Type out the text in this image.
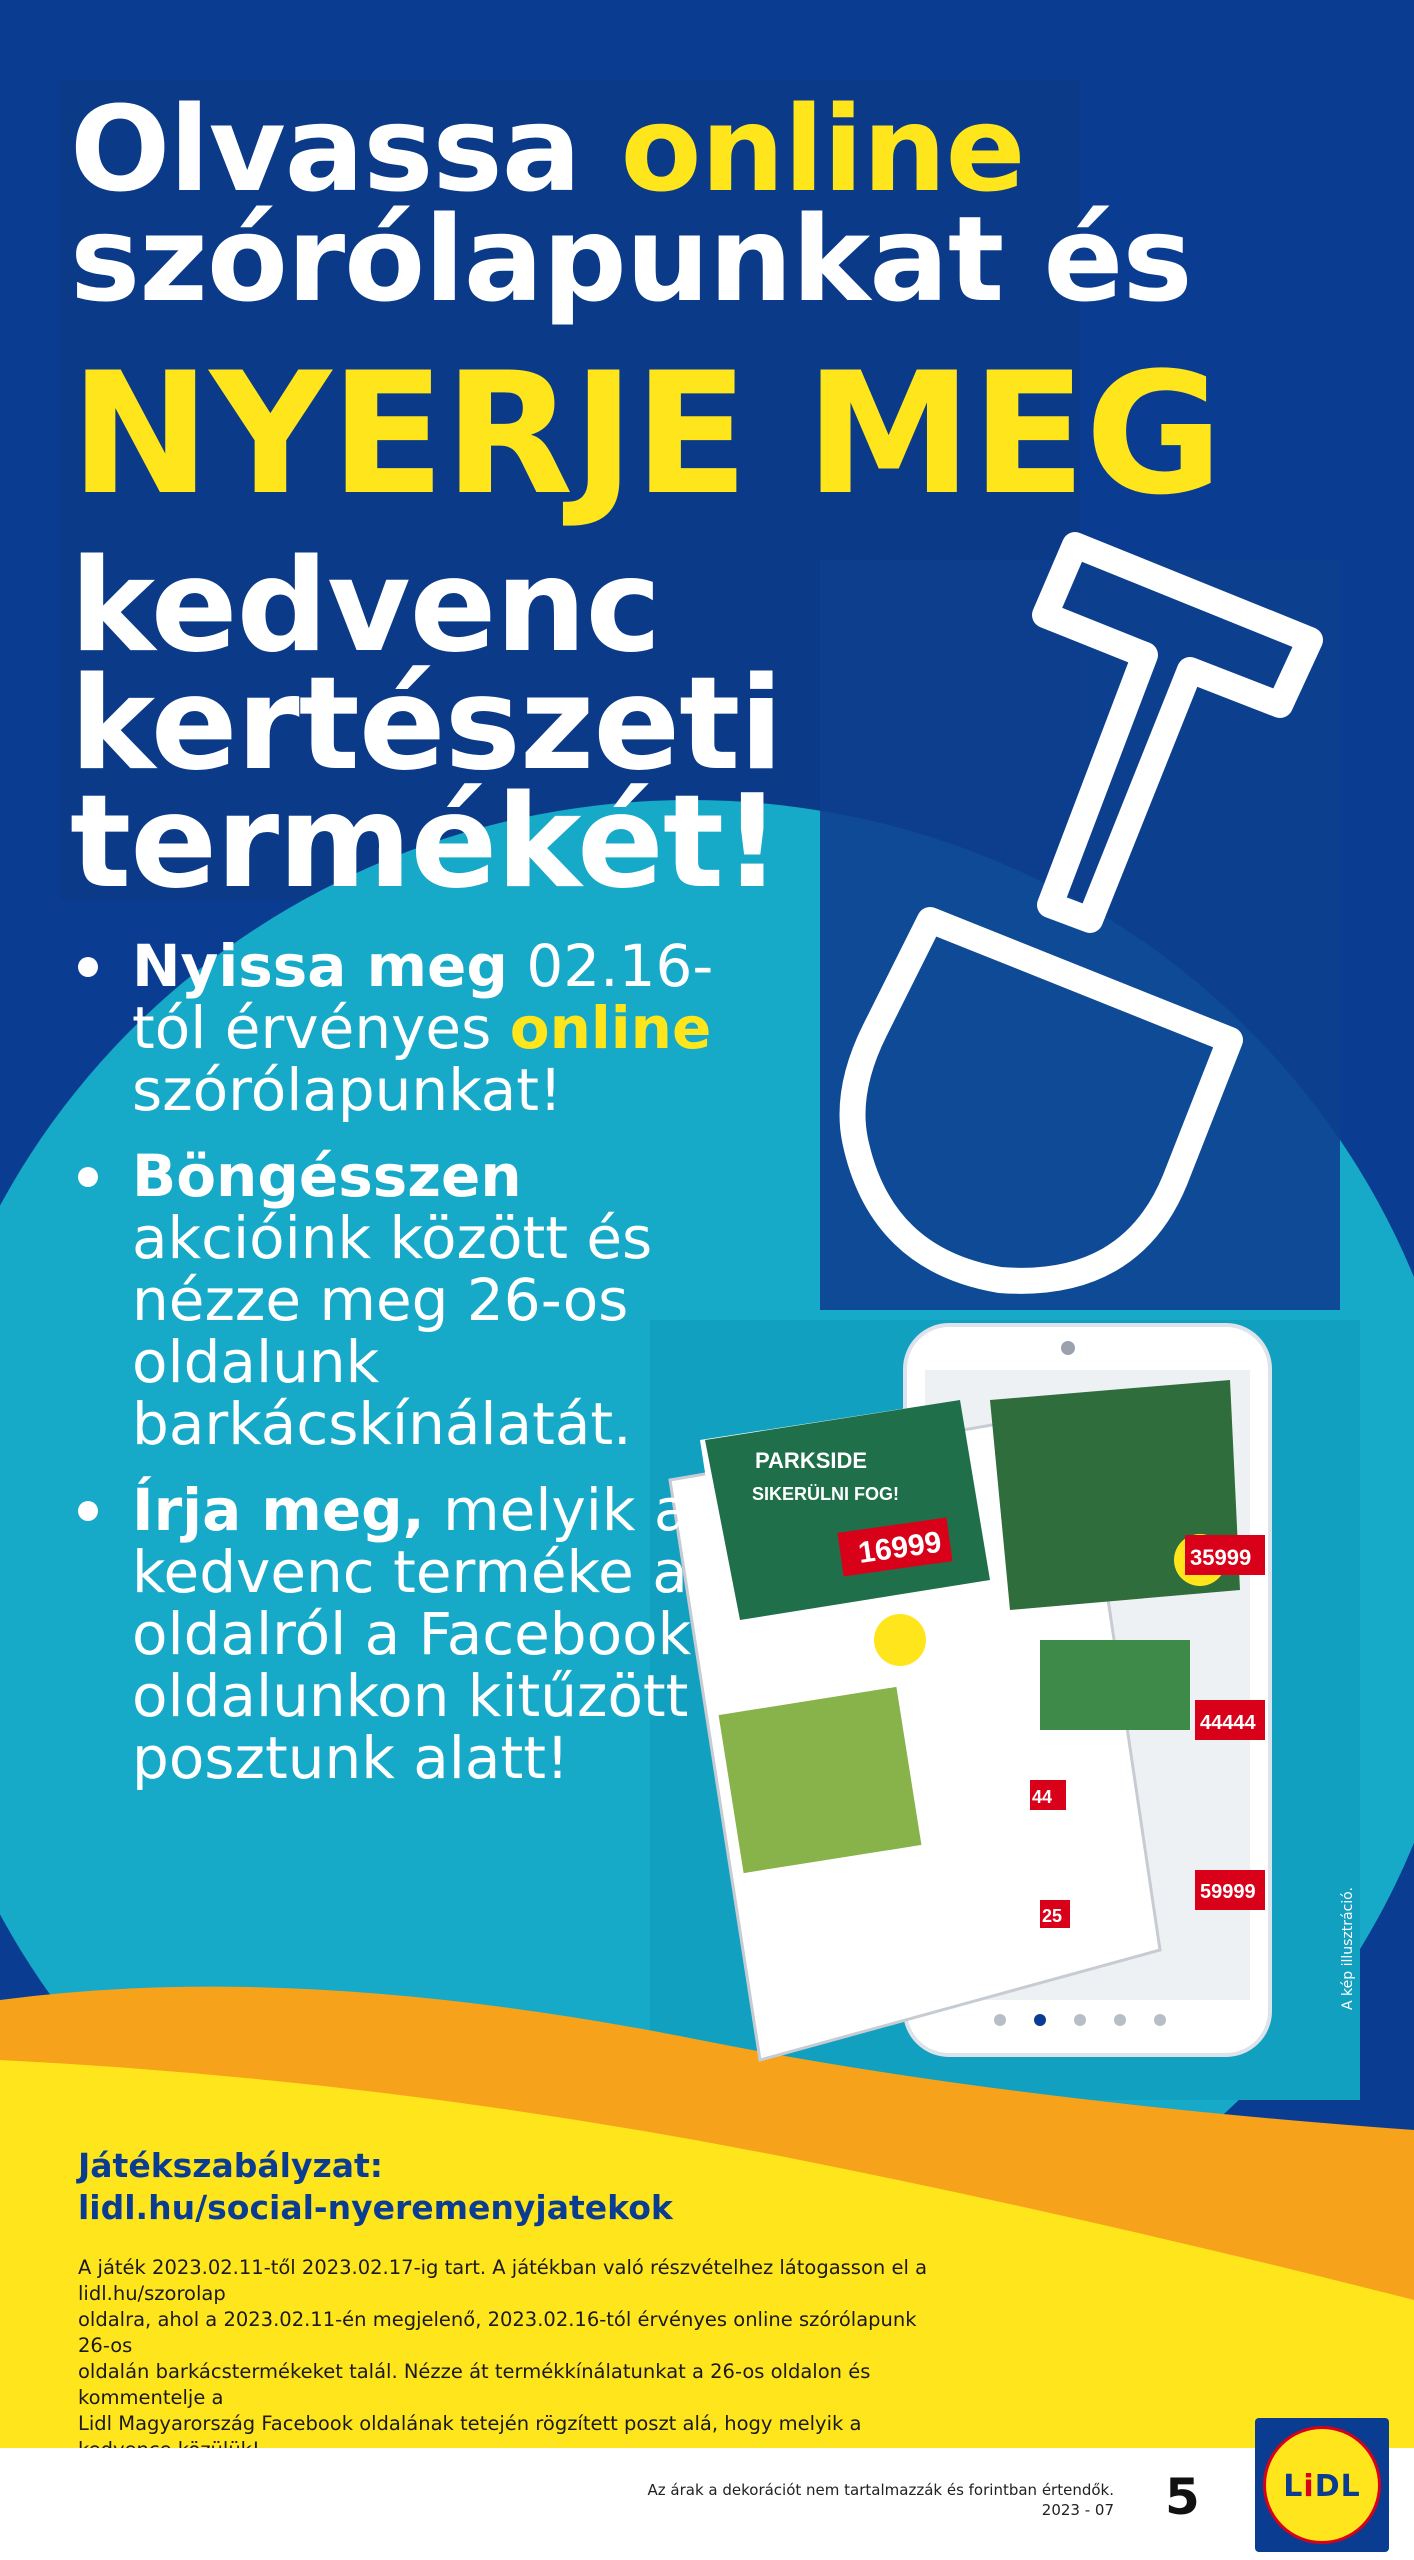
PARKSIDE
SIKERÜLNI FOG!
16999	35999
44444
59999
44
25
Olvassa online
szórólapunkat és
NYERJE MEG
kedvenc
kertészeti
termékét!
Nyissa meg 02.16-tól érvényes online szórólapunkat!
Böngésszen akcióink között és nézze meg 26-os oldalunk barkácskínálatát.
Írja meg, melyik a kedvenc terméke az oldalról a Facebook oldalunkon kitűzött posztunk alatt!
A kép illusztráció.
Játékszabályzat:
lidl.hu/social-nyeremenyjatekok
A játék 2023.02.11-től 2023.02.17-ig tart. A játékban való részvételhez látogasson el a lidl.hu/szorolap
oldalra, ahol a 2023.02.11-én megjelenő, 2023.02.16-tól érvényes online szórólapunk 26-os
oldalán barkácstermékeket talál. Nézze át termékkínálatunkat a 26-os oldalon és kommentelje a
Lidl Magyarország Facebook oldalának tetején rögzített poszt alá, hogy melyik a
Az árak a dekorációt nem tartalmazzák és forintban értendők.
2023 - 07 5	LiDL
